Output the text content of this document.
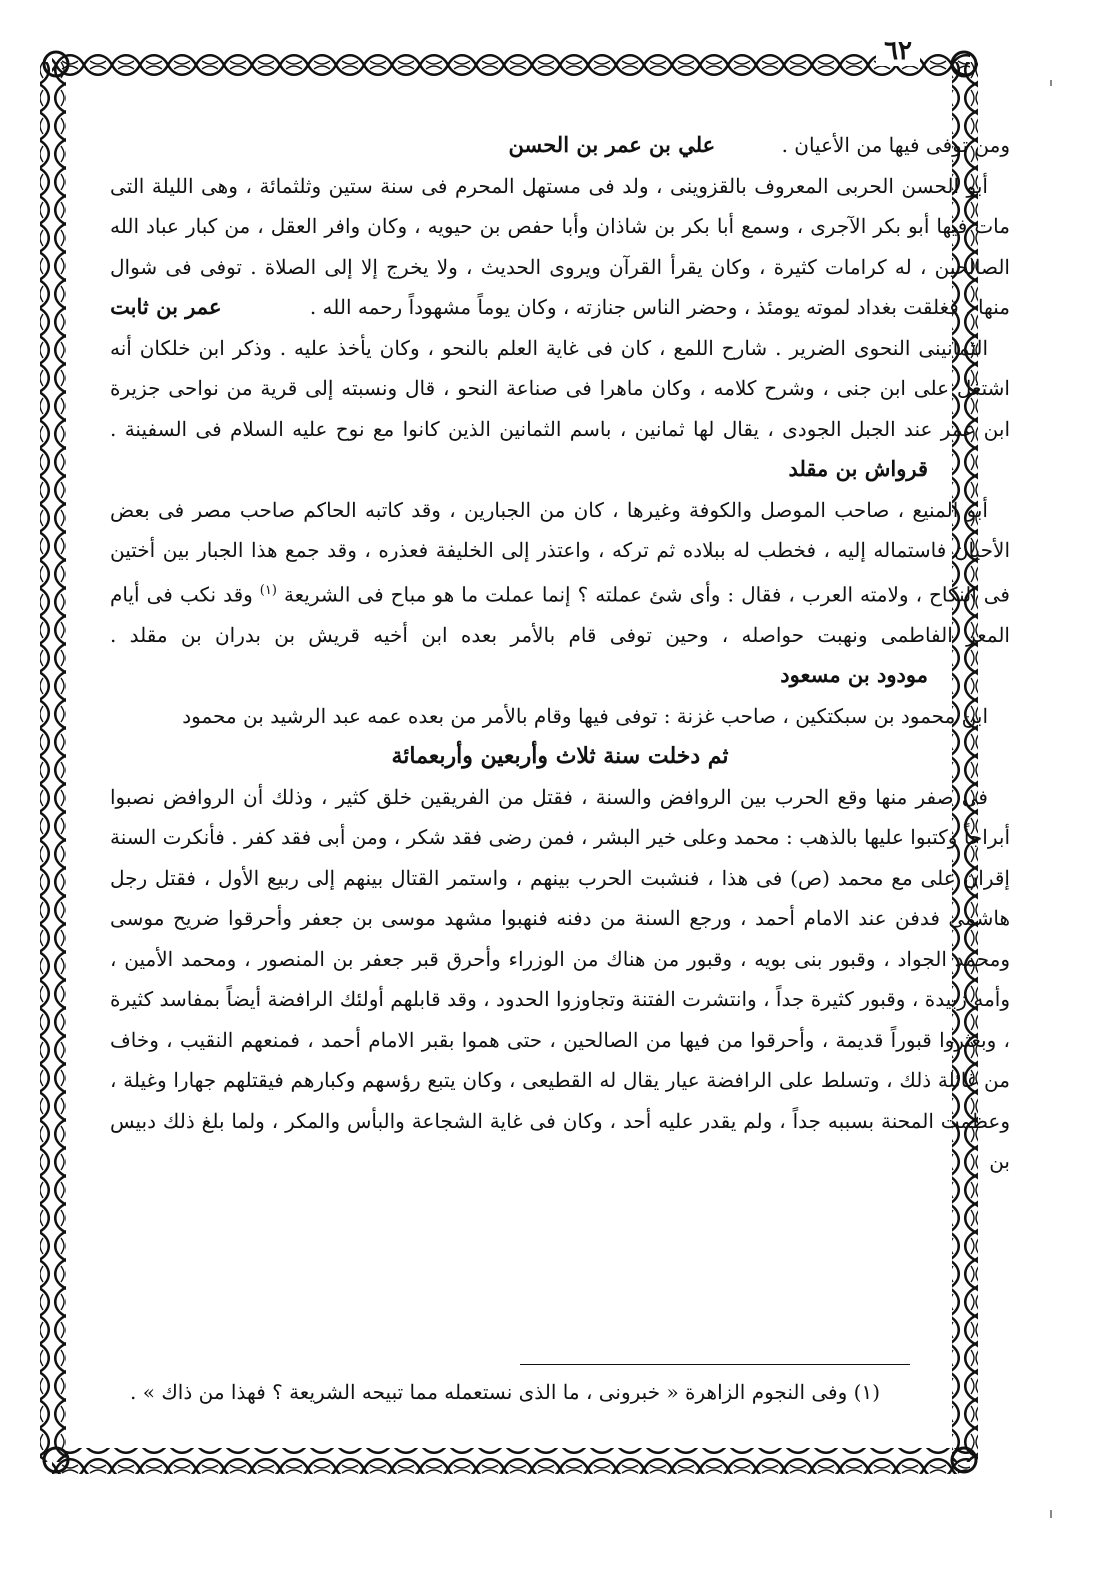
٦٢

ومن توفى فيها من الأعيان . علي بن عمر بن الحسن

أبو الحسن الحربى المعروف بالقزوينى ، ولد فى مستهل المحرم فى سنة ستين وثلثمائة ، وهى الليلة التى مات فيها أبو بكر الآجرى ، وسمع أبا بكر بن شاذان وأبا حفص بن حيويه ، وكان وافر العقل ، من كبار عباد الله الصالحين ، له كرامات كثيرة ، وكان يقرأ القرآن ويروى الحديث ، ولا يخرج إلا إلى الصلاة . توفى فى شوال منها . فغلقت بغداد لموته يومئذ ، وحضر الناس جنازته ، وكان يوماً مشهوداً رحمه الله . عمر بن ثابت

الثمانينى النحوى الضرير . شارح اللمع ، كان فى غاية العلم بالنحو ، وكان يأخذ عليه . وذكر ابن خلكان أنه اشتغل على ابن جنى ، وشرح كلامه ، وكان ماهرا فى صناعة النحو ، قال ونسبته إلى قرية من نواحى جزيرة ابن عمر عند الجبل الجودى ، يقال لها ثمانين ، باسم الثمانين الذين كانوا مع نوح عليه السلام فى السفينة . قرواش بن مقلد

أبو المنيع ، صاحب الموصل والكوفة وغيرها ، كان من الجبارين ، وقد كاتبه الحاكم صاحب مصر فى بعض الأحيان فاستماله إليه ، فخطب له ببلاده ثم تركه ، واعتذر إلى الخليفة فعذره ، وقد جمع هذا الجبار بين أختين فى النكاح ، ولامته العرب ، فقال : وأى شئ عملته ؟ إنما عملت ما هو مباح فى الشريعة $^{(١)}$ وقد نكب فى أيام المعز الفاطمى ونهبت حواصله ، وحين توفى قام بالأمر بعده ابن أخيه قريش بن بدران بن مقلد . مودود بن مسعود

ابن محمود بن سبكتكين ، صاحب غزنة : توفى فيها وقام بالأمر من بعده عمه عبد الرشيد بن محمود

ثم دخلت سنة ثلاث وأربعين وأربعمائة

فى صفر منها وقع الحرب بين الروافض والسنة ، فقتل من الفريقين خلق كثير ، وذلك أن الروافض نصبوا أبراجاً وكتبوا عليها بالذهب : محمد وعلى خير البشر ، فمن رضى فقد شكر ، ومن أبى فقد كفر . فأنكرت السنة إقران على مع محمد (ص) فى هذا ، فنشبت الحرب بينهم ، واستمر القتال بينهم إلى ربيع الأول ، فقتل رجل هاشمى فدفن عند الامام أحمد ، ورجع السنة من دفنه فنهبوا مشهد موسى بن جعفر وأحرقوا ضريح موسى ومحمد الجواد ، وقبور بنى بويه ، وقبور من هناك من الوزراء وأحرق قبر جعفر بن المنصور ، ومحمد الأمين ، وأمه زبيدة ، وقبور كثيرة جداً ، وانتشرت الفتنة وتجاوزوا الحدود ، وقد قابلهم أولئك الرافضة أيضاً بمفاسد كثيرة ، وبعثروا قبوراً قديمة ، وأحرقوا من فيها من الصالحين ، حتى هموا بقبر الامام أحمد ، فمنعهم النقيب ، وخاف من غائلة ذلك ، وتسلط على الرافضة عيار يقال له القطيعى ، وكان يتبع رؤسهم وكبارهم فيقتلهم جهارا وغيلة ، وعظمت المحنة بسببه جداً ، ولم يقدر عليه أحد ، وكان فى غاية الشجاعة والبأس والمكر ، ولما بلغ ذلك دبيس بن

(١) وفى النجوم الزاهرة « خبرونى ، ما الذى نستعمله مما تبيحه الشريعة ؟ فهذا من ذاك » .
